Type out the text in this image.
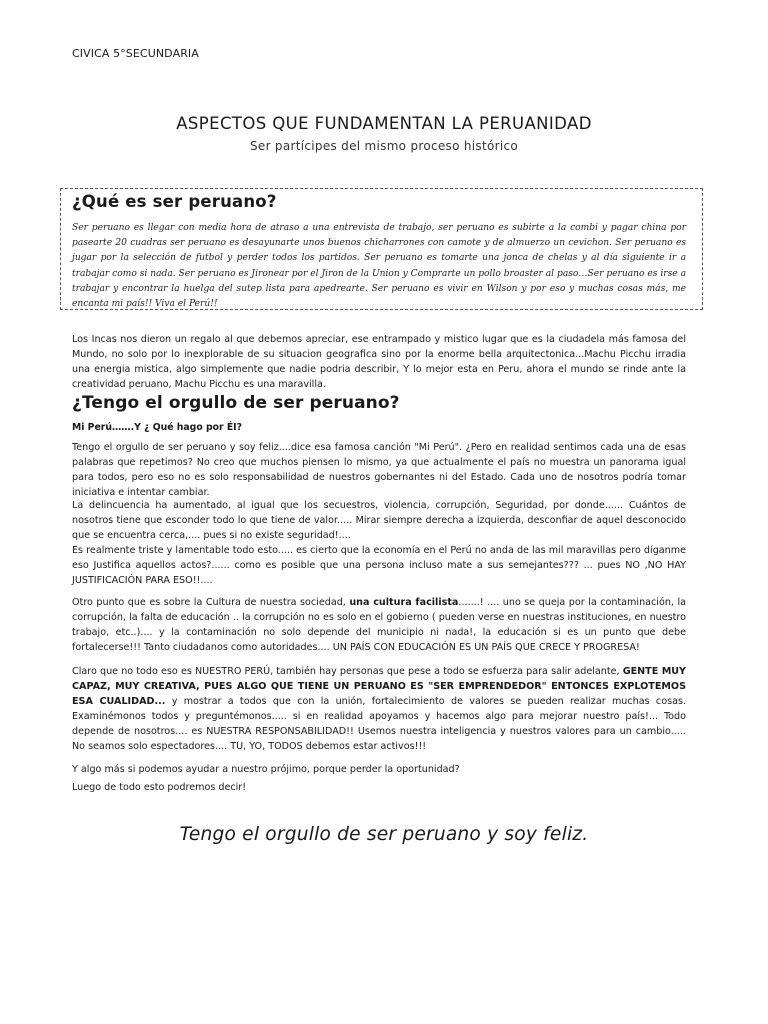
CIVICA 5°SECUNDARIA
ASPECTOS QUE FUNDAMENTAN LA PERUANIDAD
Ser partícipes del mismo proceso histórico
¿Qué es ser peruano?
Ser peruano es llegar con media hora de atraso a una entrevista de trabajo, ser peruano es subirte a la combi y pagar china por pasearte 20 cuadras ser peruano es desayunarte unos buenos chicharrones con camote y de almuerzo un cevichon. Ser peruano es jugar por la selección de futbol y perder todos los partidos. Ser peruano es tomarte una jonca de chelas y al día siguiente ir a trabajar como si nada. Ser peruano es Jironear por el Jiron de la Union y Comprarte un pollo broaster al paso…Ser peruano es irse a trabajar y encontrar la huelga del sutep lista para apedrearte. Ser peruano es vivir en Wilson y por eso y muchas cosas más, me encanta mi país!! Viva el Perú!!
Los Incas nos dieron un regalo al que debemos apreciar, ese entrampado y mistico lugar que es la ciudadela más famosa del Mundo, no solo por lo inexplorable de su situacion geografica sino por la enorme bella arquitectonica...Machu Picchu irradia una energia mistica, algo simplemente que nadie podria describir, Y lo mejor esta en Peru, ahora el mundo se rinde ante la creatividad peruano, Machu Picchu es una maravilla.
¿Tengo el orgullo de ser peruano?
Mi Perú…….Y ¿ Qué hago por ÉI?
Tengo el orgullo de ser peruano y soy feliz....dice esa famosa canción "Mi Perú". ¿Pero en realidad sentimos cada una de esas palabras que repetimos? No creo que muchos piensen lo mismo, ya que actualmente el país no muestra un panorama igual para todos, pero eso no es solo responsabilidad de nuestros gobernantes ni del Estado. Cada uno de nosotros podría tomar iniciativa e intentar cambiar.
La delincuencia ha aumentado, al igual que los secuestros, violencia, corrupción, Seguridad, por donde...... Cuántos de nosotros tiene que esconder todo lo que tiene de valor..... Mirar siempre derecha a izquierda, desconfiar de aquel desconocido que se encuentra cerca,.... pues si no existe seguridad!....
Es realmente triste y lamentable todo esto..... es cierto que la economía en el Perú no anda de las mil maravillas pero díganme eso Justifica aquellos actos?...... como es posible que una persona incluso mate a sus semejantes??? ... pues NO ,NO HAY JUSTIFICACIÓN PARA ESO!!....
Otro punto que es sobre la Cultura de nuestra sociedad, una cultura facilista.......! .... uno se queja por la contaminación, la corrupción, la falta de educación .. la corrupción no es solo en el gobierno ( pueden verse en nuestras instituciones, en nuestro trabajo, etc..).... y la contaminación no solo depende del municipio ni nada!, la educación si es un punto que debe fortalecerse!!! Tanto ciudadanos como autoridades.... UN PAÍS CON EDUCACIÓN ES UN PAÍS QUE CRECE Y PROGRESA!
Claro que no todo eso es NUESTRO PERÚ, también hay personas que pese a todo se esfuerza para salir adelante, GENTE MUY CAPAZ, MUY CREATIVA, PUES ALGO QUE TIENE UN PERUANO ES "SER EMPRENDEDOR" ENTONCES EXPLOTEMOS ESA CUALIDAD... y mostrar a todos que con la unión, fortalecimiento de valores se pueden realizar muchas cosas. Examinémonos todos y preguntémonos..... si en realidad apoyamos y hacemos algo para mejorar nuestro país!... Todo depende de nosotros.... es NUESTRA RESPONSABILIDAD!! Usemos nuestra inteligencia y nuestros valores para un cambio..... No seamos solo espectadores.... TU, YO, TODOS debemos estar activos!!!
Y algo más si podemos ayudar a nuestro prójimo, porque perder la oportunidad?
Luego de todo esto podremos decir!
Tengo el orgullo de ser peruano y soy feliz.
